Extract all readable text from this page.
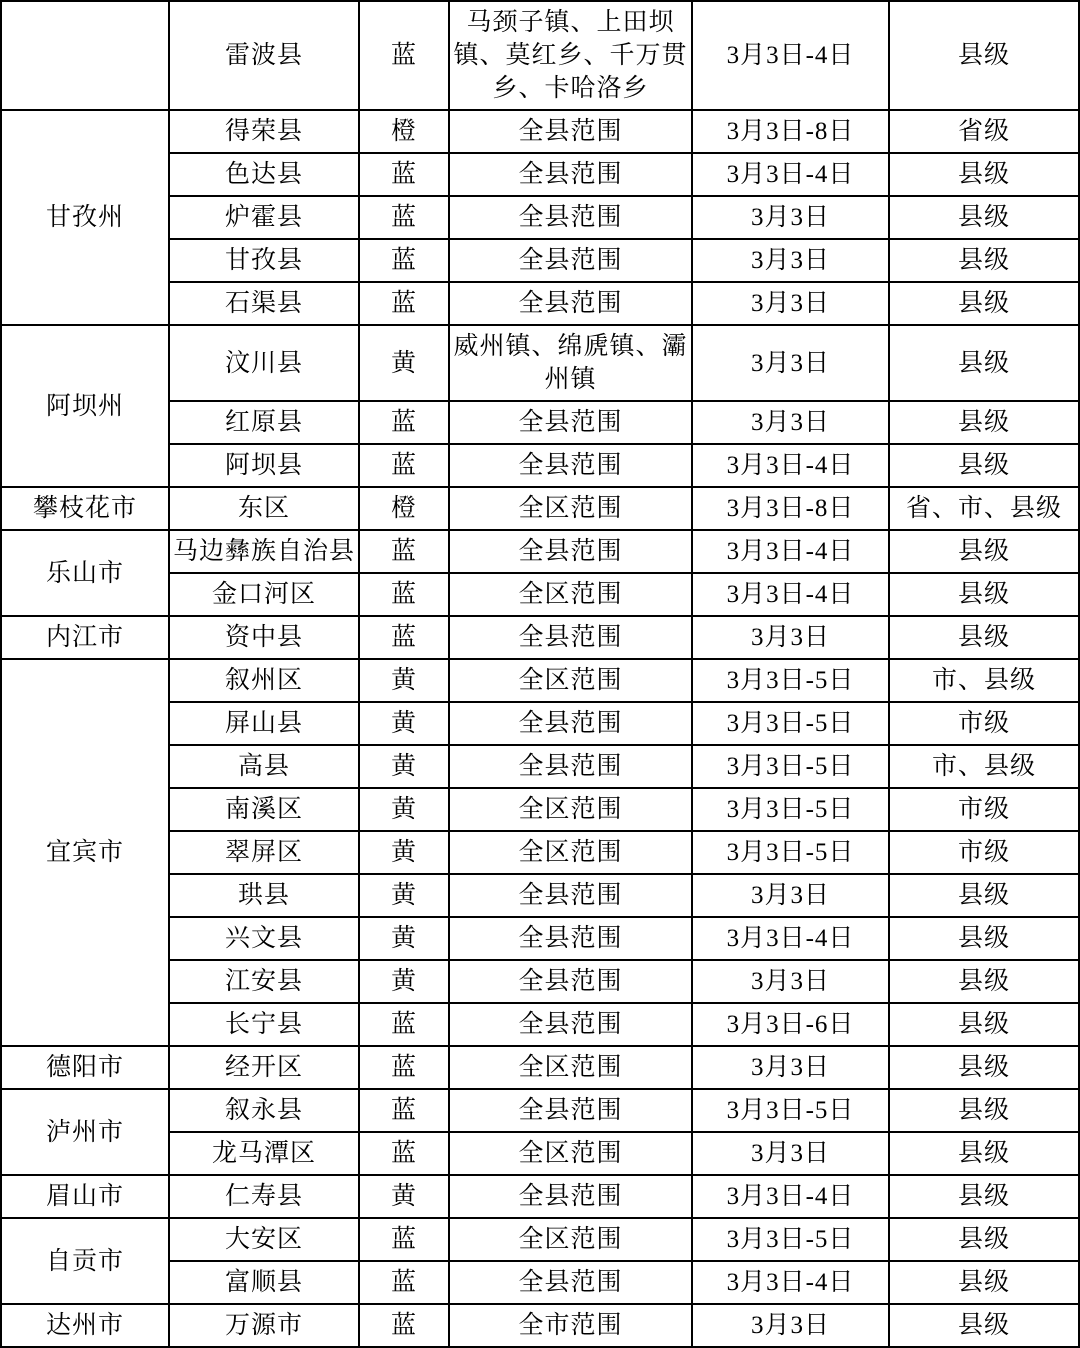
	雷波县	蓝	马颈子镇、上田坝镇、莫红乡、千万贯乡、卡哈洛乡	3月3日-4日	县级
甘孜州	得荣县	橙	全县范围	3月3日-8日	省级
	色达县	蓝	全县范围	3月3日-4日	县级
	炉霍县	蓝	全县范围	3月3日	县级
	甘孜县	蓝	全县范围	3月3日	县级
	石渠县	蓝	全县范围	3月3日	县级
阿坝州	汶川县	黄	威州镇、绵虒镇、灞州镇	3月3日	县级
	红原县	蓝	全县范围	3月3日	县级
	阿坝县	蓝	全县范围	3月3日-4日	县级
攀枝花市	东区	橙	全区范围	3月3日-8日	省、市、县级
乐山市	马边彝族自治县	蓝	全县范围	3月3日-4日	县级
	金口河区	蓝	全区范围	3月3日-4日	县级
内江市	资中县	蓝	全县范围	3月3日	县级
宜宾市	叙州区	黄	全区范围	3月3日-5日	市、县级
	屏山县	黄	全县范围	3月3日-5日	市级
	高县	黄	全县范围	3月3日-5日	市、县级
	南溪区	黄	全区范围	3月3日-5日	市级
	翠屏区	黄	全区范围	3月3日-5日	市级
	珙县	黄	全县范围	3月3日	县级
	兴文县	黄	全县范围	3月3日-4日	县级
	江安县	黄	全县范围	3月3日	县级
	长宁县	蓝	全县范围	3月3日-6日	县级
德阳市	经开区	蓝	全区范围	3月3日	县级
泸州市	叙永县	蓝	全县范围	3月3日-5日	县级
	龙马潭区	蓝	全区范围	3月3日	县级
眉山市	仁寿县	黄	全县范围	3月3日-4日	县级
自贡市	大安区	蓝	全区范围	3月3日-5日	县级
	富顺县	蓝	全县范围	3月3日-4日	县级
达州市	万源市	蓝	全市范围	3月3日	县级
